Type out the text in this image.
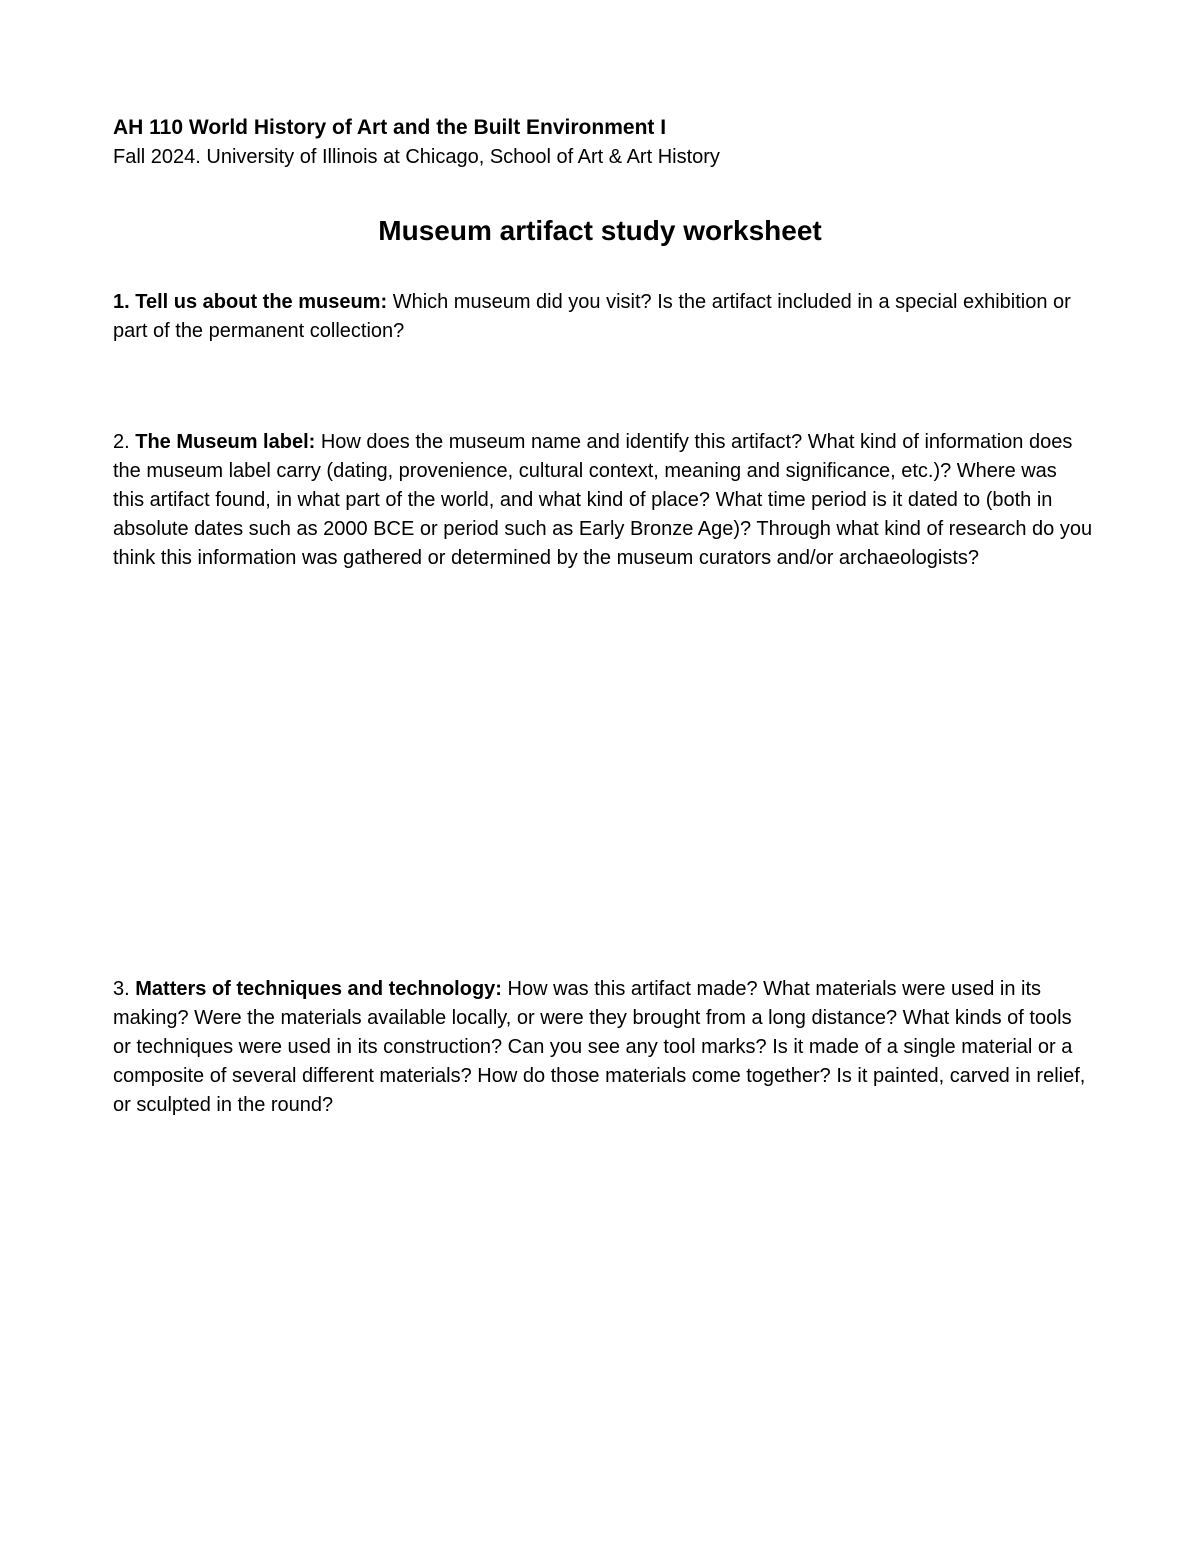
AH 110 World History of Art and the Built Environment I
Fall 2024. University of Illinois at Chicago, School of Art & Art History
Museum artifact study worksheet
1. Tell us about the museum: Which museum did you visit? Is the artifact included in a special exhibition or part of the permanent collection?
2. The Museum label: How does the museum name and identify this artifact? What kind of information does the museum label carry (dating, provenience, cultural context, meaning and significance, etc.)? Where was this artifact found, in what part of the world, and what kind of place? What time period is it dated to (both in absolute dates such as 2000 BCE or period such as Early Bronze Age)? Through what kind of research do you think this information was gathered or determined by the museum curators and/or archaeologists?
3. Matters of techniques and technology: How was this artifact made? What materials were used in its making? Were the materials available locally, or were they brought from a long distance? What kinds of tools or techniques were used in its construction? Can you see any tool marks? Is it made of a single material or a composite of several different materials? How do those materials come together? Is it painted, carved in relief, or sculpted in the round?
